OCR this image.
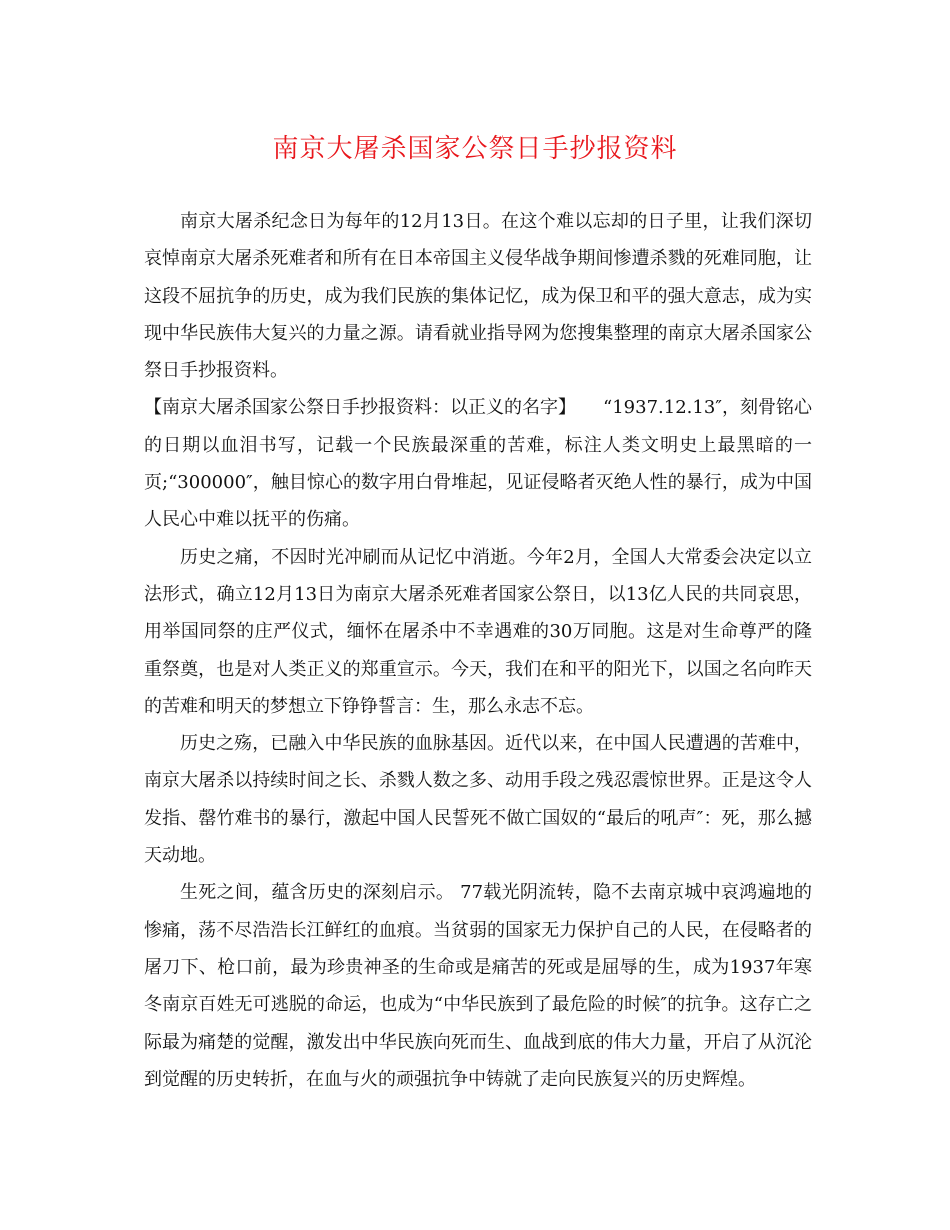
南京大屠杀国家公祭日手抄报资料

南京大屠杀纪念日为每年的12月13日。在这个难以忘却的日子里，让我们深切哀悼南京大屠杀死难者和所有在日本帝国主义侵华战争期间惨遭杀戮的死难同胞，让这段不屈抗争的历史，成为我们民族的集体记忆，成为保卫和平的强大意志，成为实现中华民族伟大复兴的力量之源。请看就业指导网为您搜集整理的南京大屠杀国家公祭日手抄报资料。

【南京大屠杀国家公祭日手抄报资料：以正义的名字】　　“1937.12.13″，刻骨铭心的日期以血泪书写，记载一个民族最深重的苦难，标注人类文明史上最黑暗的一页;“300000″，触目惊心的数字用白骨堆起，见证侵略者灭绝人性的暴行，成为中国人民心中难以抚平的伤痛。

历史之痛，不因时光冲刷而从记忆中消逝。今年2月，全国人大常委会决定以立法形式，确立12月13日为南京大屠杀死难者国家公祭日，以13亿人民的共同哀思，用举国同祭的庄严仪式，缅怀在屠杀中不幸遇难的30万同胞。这是对生命尊严的隆重祭奠，也是对人类正义的郑重宣示。今天，我们在和平的阳光下，以国之名向昨天的苦难和明天的梦想立下铮铮誓言：生，那么永志不忘。

历史之殇，已融入中华民族的血脉基因。近代以来，在中国人民遭遇的苦难中，南京大屠杀以持续时间之长、杀戮人数之多、动用手段之残忍震惊世界。正是这令人发指、罄竹难书的暴行，激起中国人民誓死不做亡国奴的“最后的吼声″：死，那么撼天动地。

生死之间，蕴含历史的深刻启示。 77载光阴流转，隐不去南京城中哀鸿遍地的惨痛，荡不尽浩浩长江鲜红的血痕。当贫弱的国家无力保护自己的人民，在侵略者的屠刀下、枪口前，最为珍贵神圣的生命或是痛苦的死或是屈辱的生，成为1937年寒冬南京百姓无可逃脱的命运，也成为“中华民族到了最危险的时候″的抗争。这存亡之际最为痛楚的觉醒，激发出中华民族向死而生、血战到底的伟大力量，开启了从沉沦到觉醒的历史转折，在血与火的顽强抗争中铸就了走向民族复兴的历史辉煌。
